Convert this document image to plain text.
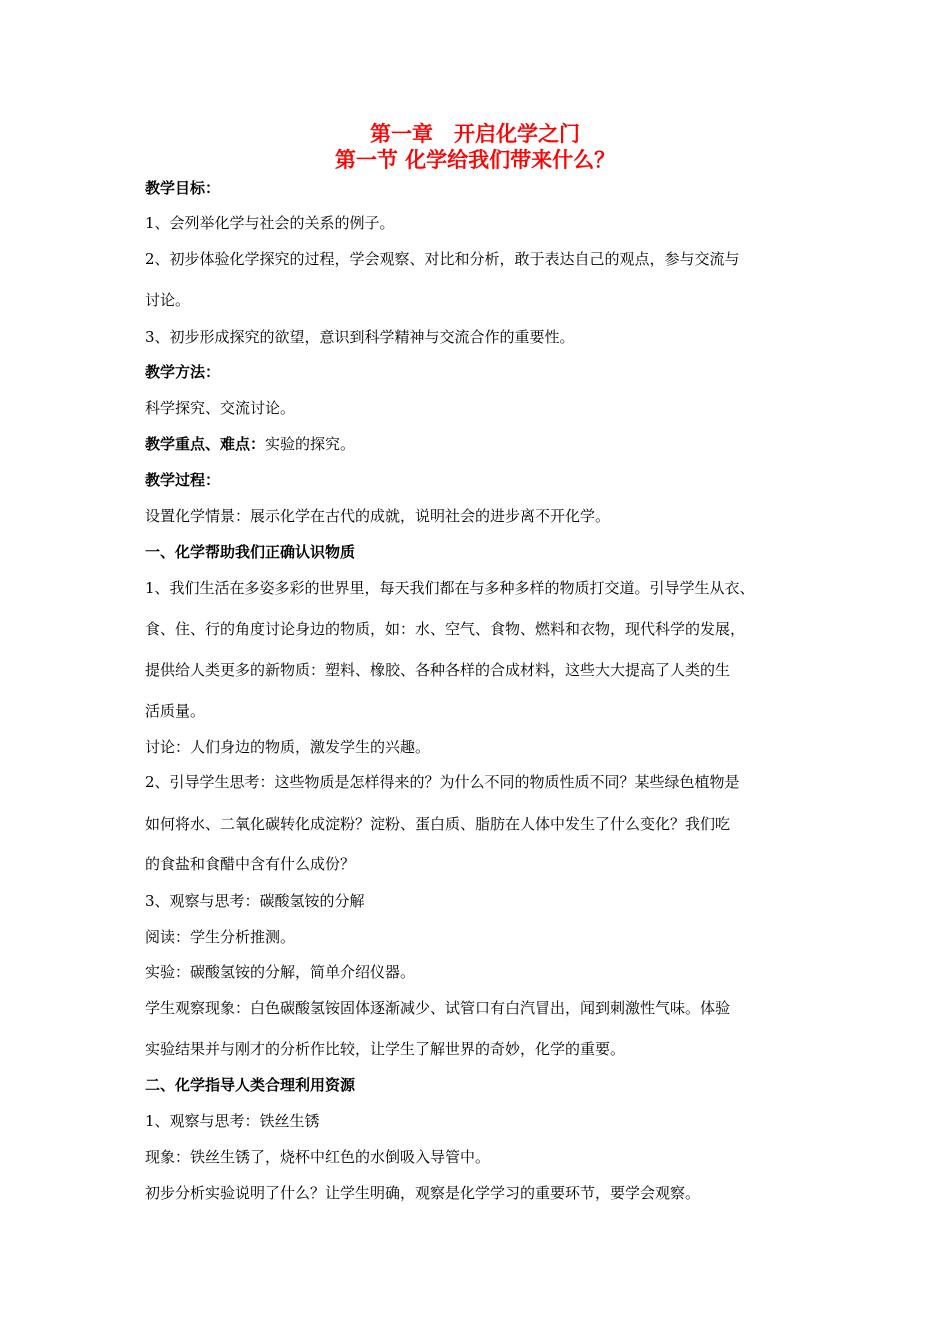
第一章　开启化学之门
第一节 化学给我们带来什么？
教学目标：
1、会列举化学与社会的关系的例子。
2、初步体验化学探究的过程，学会观察、对比和分析，敢于表达自己的观点，参与交流与
讨论。
3、初步形成探究的欲望，意识到科学精神与交流合作的重要性。
教学方法：
科学探究、交流讨论。
教学重点、难点：实验的探究。
教学过程：
设置化学情景：展示化学在古代的成就，说明社会的进步离不开化学。
一、化学帮助我们正确认识物质
1、我们生活在多姿多彩的世界里，每天我们都在与多种多样的物质打交道。引导学生从衣、
食、住、行的角度讨论身边的物质，如：水、空气、食物、燃料和衣物，现代科学的发展，
提供给人类更多的新物质：塑料、橡胶、各种各样的合成材料，这些大大提高了人类的生
活质量。
讨论：人们身边的物质，激发学生的兴趣。
2、引导学生思考：这些物质是怎样得来的？为什么不同的物质性质不同？某些绿色植物是
如何将水、二氧化碳转化成淀粉？淀粉、蛋白质、脂肪在人体中发生了什么变化？我们吃
的食盐和食醋中含有什么成份？
3、观察与思考：碳酸氢铵的分解
阅读：学生分析推测。
实验：碳酸氢铵的分解，简单介绍仪器。
学生观察现象：白色碳酸氢铵固体逐渐减少、试管口有白汽冒出，闻到刺激性气味。体验
实验结果并与刚才的分析作比较，让学生了解世界的奇妙，化学的重要。
二、化学指导人类合理利用资源
1、观察与思考：铁丝生锈
现象：铁丝生锈了，烧杯中红色的水倒吸入导管中。
初步分析实验说明了什么？让学生明确，观察是化学学习的重要环节，要学会观察。
